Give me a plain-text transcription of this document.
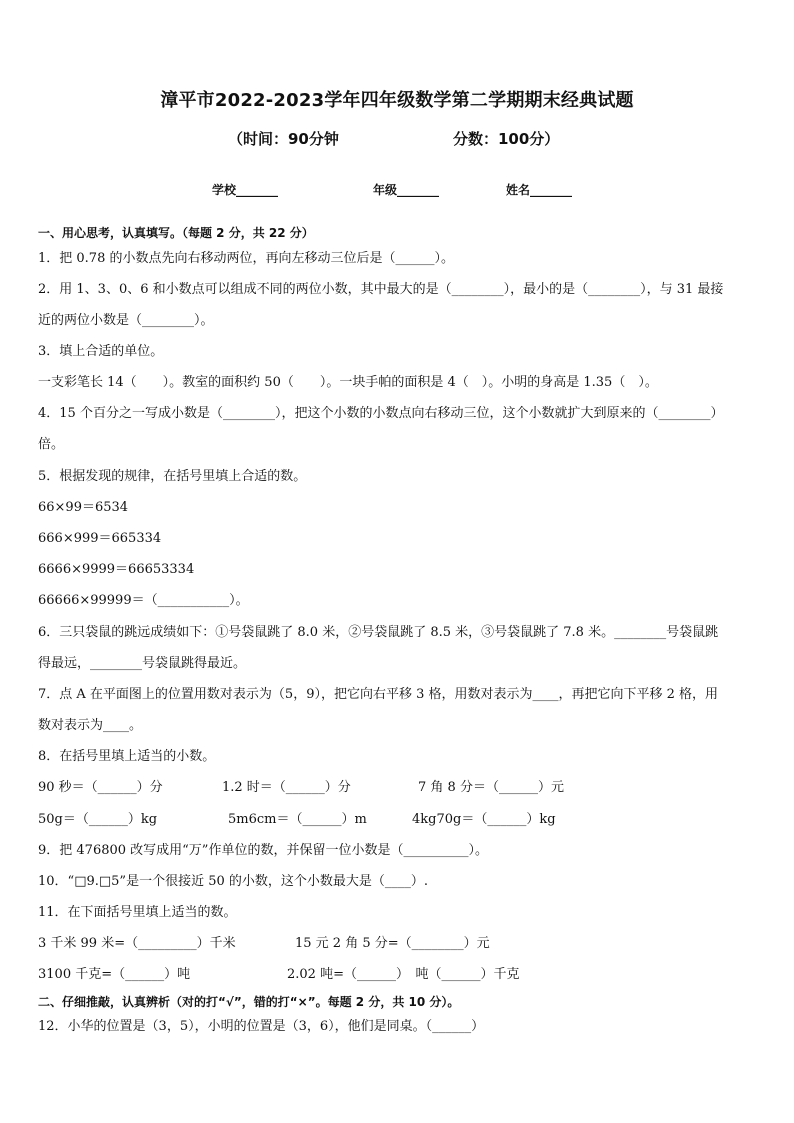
漳平市2022-2023学年四年级数学第二学期期末经典试题
（时间：90分钟	分数：100分）
学校_______	年级_______	姓名_______
一、用心思考，认真填写。（每题 2 分，共 22 分）
1．把 0.78 的小数点先向右移动两位，再向左移动三位后是（______）。
2．用 1、3、0、6 和小数点可以组成不同的两位小数，其中最大的是（________），最小的是（________），与 31 最接
近的两位小数是（________）。
3．填上合适的单位。
一支彩笔长 14（　　）。教室的面积约 50（　　）。一块手帕的面积是 4（　）。小明的身高是 1.35（　）。
4．15 个百分之一写成小数是（________），把这个小数的小数点向右移动三位，这个小数就扩大到原来的（________）
倍。
5．根据发现的规律，在括号里填上合适的数。
66×99＝6534
666×999＝665334
6666×9999＝66653334
66666×99999＝（___________）。
6．三只袋鼠的跳远成绩如下：①号袋鼠跳了 8.0 米，②号袋鼠跳了 8.5 米，③号袋鼠跳了 7.8 米。________号袋鼠跳
得最远，________号袋鼠跳得最近。
7．点 A 在平面图上的位置用数对表示为（5，9），把它向右平移 3 格，用数对表示为____，再把它向下平移 2 格，用
数对表示为____。
8．在括号里填上适当的小数。
90 秒＝（______）分	1.2 时＝（______）分	7 角 8 分＝（______）元
50g＝（______）kg	5m6cm＝（______）m	4kg70g＝（______）kg
9．把 476800 改写成用“万”作单位的数，并保留一位小数是（__________）。
10．“□9.□5”是一个很接近 50 的小数，这个小数最大是（____）.
11．在下面括号里填上适当的数。
3 千米 99 米=（_________）千米	15 元 2 角 5 分=（________）元
3100 千克=（______）吨	2.02 吨=（______）　吨（______）千克
二、仔细推敲，认真辨析（对的打“√”，错的打“×”。每题 2 分，共 10 分）。
12．小华的位置是（3，5），小明的位置是（3，6），他们是同桌。（______）
